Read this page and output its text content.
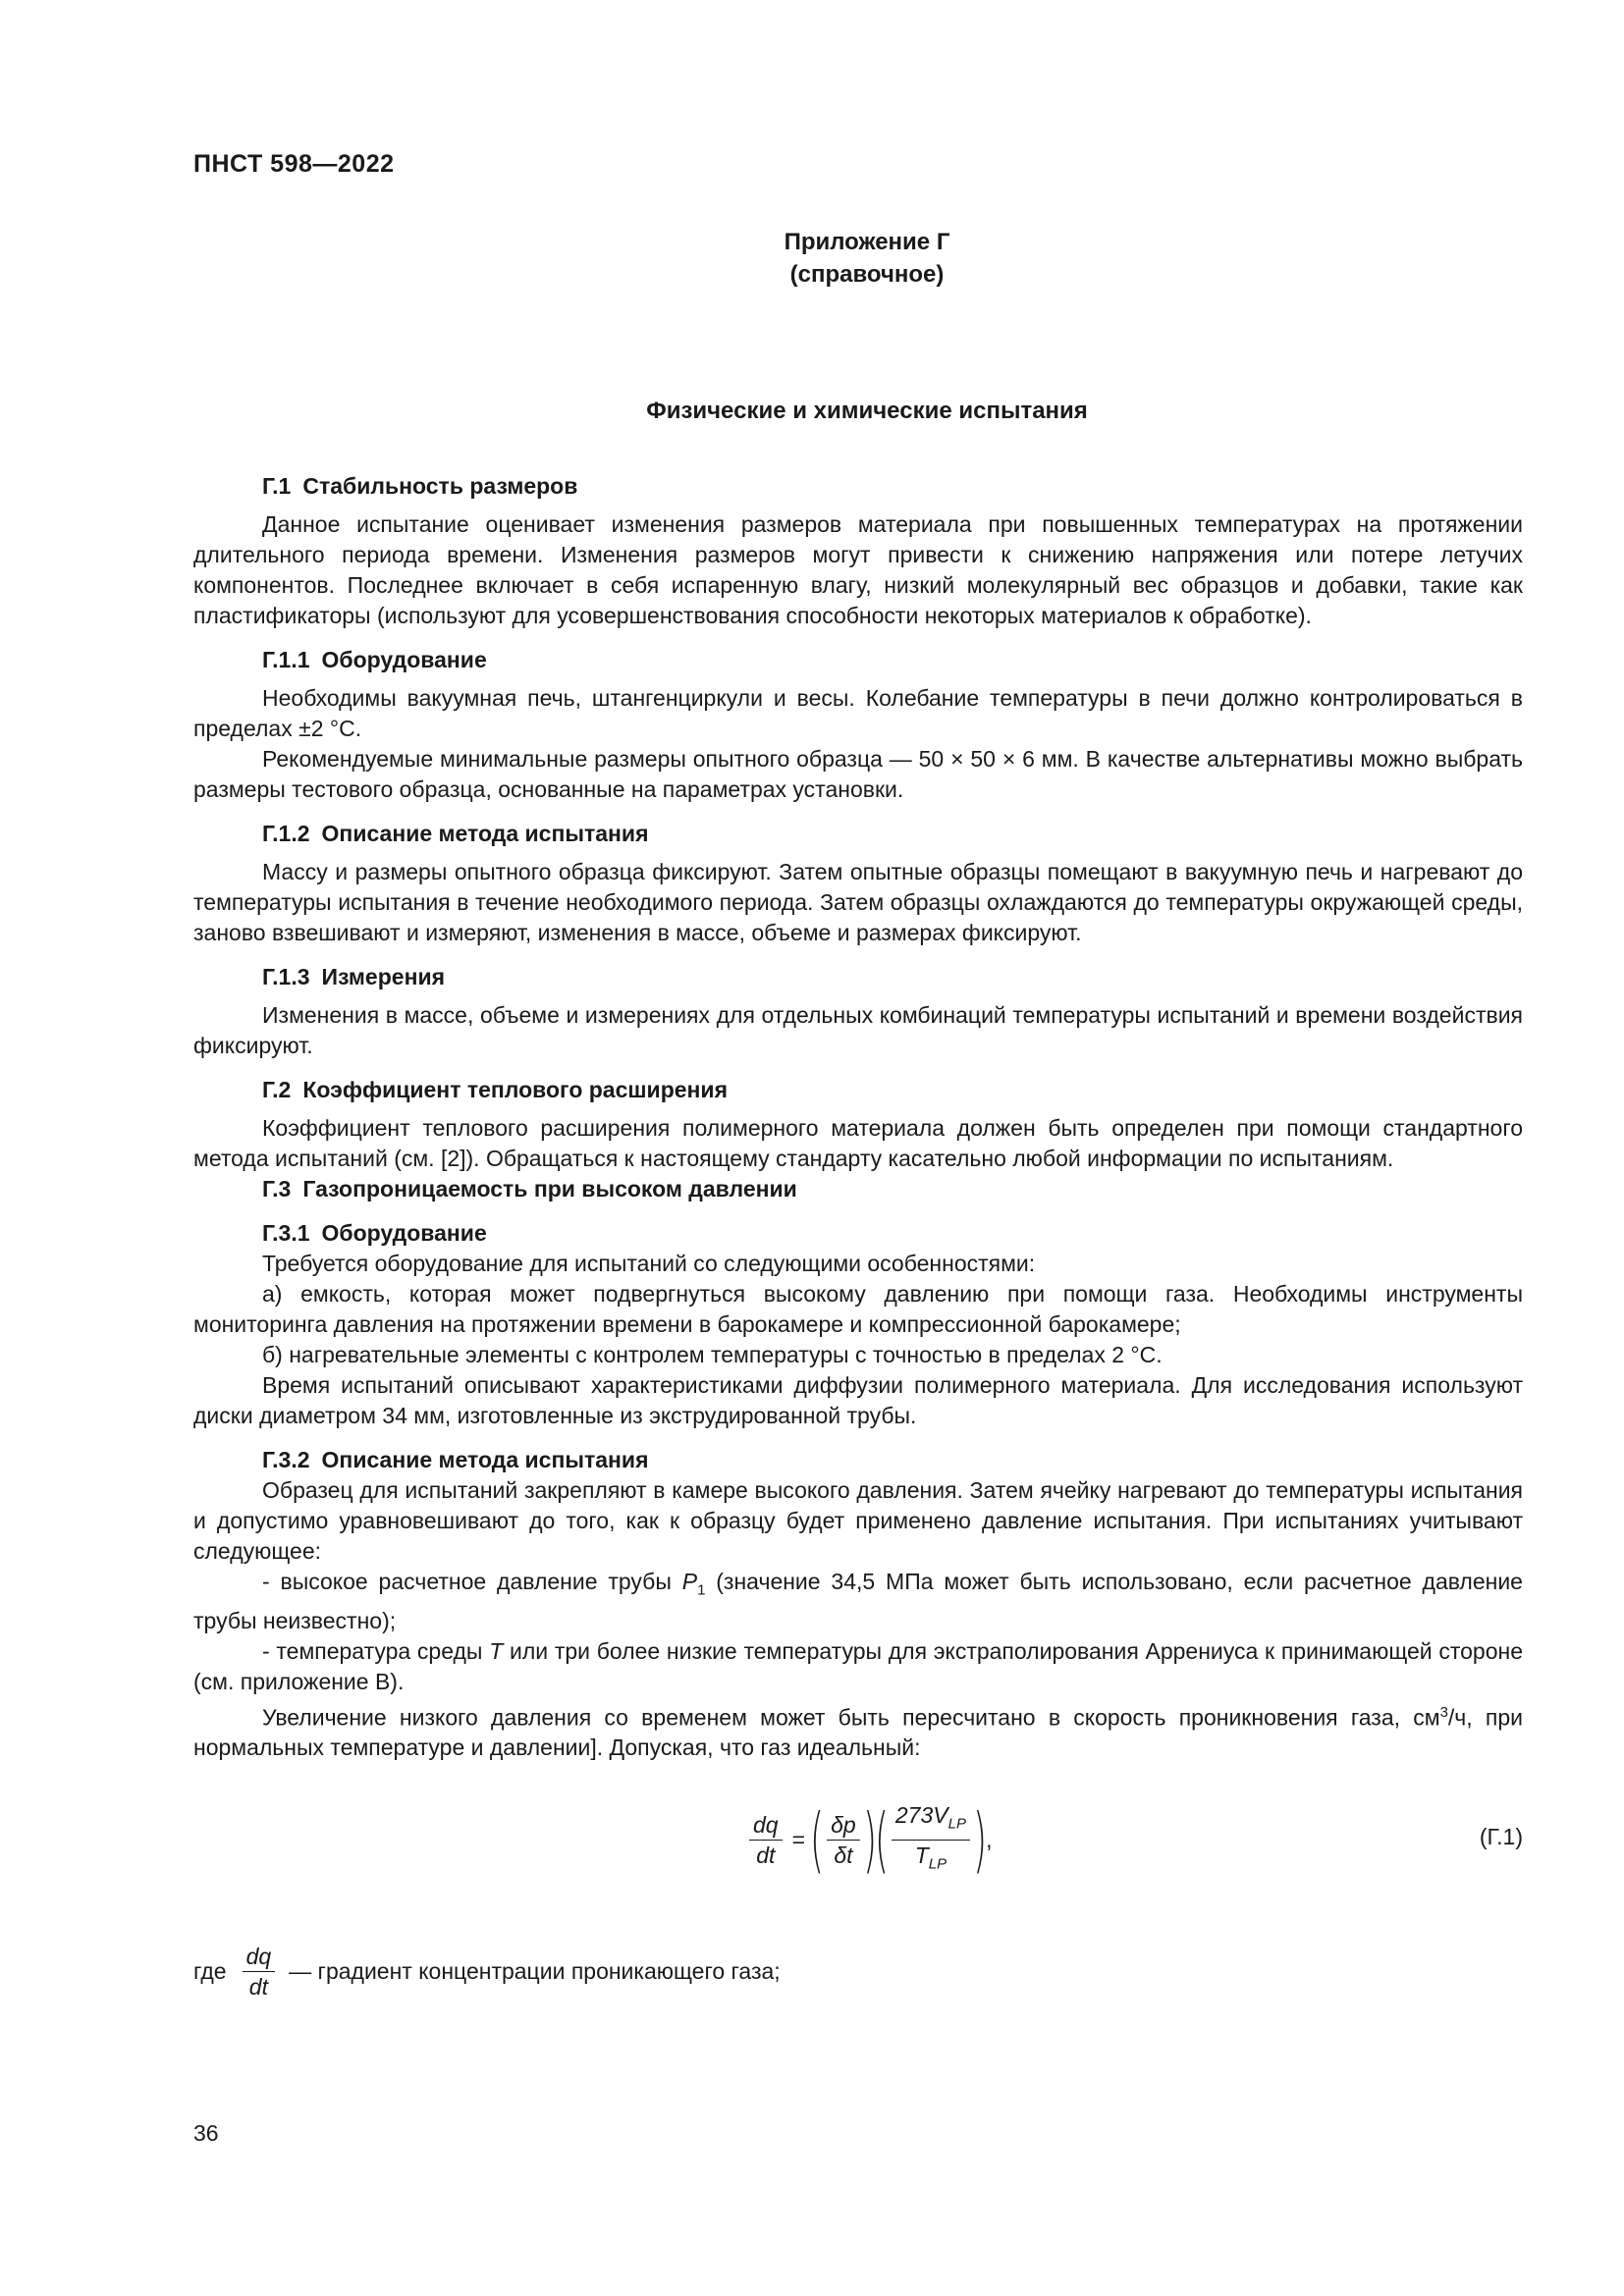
ПНСТ 598—2022
Приложение Г
(справочное)
Физические и химические испытания
Г.1 Стабильность размеров

Данное испытание оценивает изменения размеров материала при повышенных температурах на протяжении длительного периода времени. Изменения размеров могут привести к снижению напряжения или потере летучих компонентов. Последнее включает в себя испаренную влагу, низкий молекулярный вес образцов и добавки, такие как пластификаторы (используют для усовершенствования способности некоторых материалов к обработке).

Г.1.1 Оборудование

Необходимы вакуумная печь, штангенциркули и весы. Колебание температуры в печи должно контролироваться в пределах ±2 °С.

Рекомендуемые минимальные размеры опытного образца — 50 × 50 × 6 мм. В качестве альтернативы можно выбрать размеры тестового образца, основанные на параметрах установки.

Г.1.2 Описание метода испытания

Массу и размеры опытного образца фиксируют. Затем опытные образцы помещают в вакуумную печь и нагревают до температуры испытания в течение необходимого периода. Затем образцы охлаждаются до температуры окружающей среды, заново взвешивают и измеряют, изменения в массе, объеме и размерах фиксируют.

Г.1.3 Измерения

Изменения в массе, объеме и измерениях для отдельных комбинаций температуры испытаний и времени воздействия фиксируют.

Г.2 Коэффициент теплового расширения

Коэффициент теплового расширения полимерного материала должен быть определен при помощи стандартного метода испытаний (см. [2]). Обращаться к настоящему стандарту касательно любой информации по испытаниям.

Г.3 Газопроницаемость при высоком давлении
Г.3.1 Оборудование

Требуется оборудование для испытаний со следующими особенностями:

а) емкость, которая может подвергнуться высокому давлению при помощи газа. Необходимы инструменты мониторинга давления на протяжении времени в барокамере и компрессионной барокамере;

б) нагревательные элементы с контролем температуры с точностью в пределах 2 °С.

Время испытаний описывают характеристиками диффузии полимерного материала. Для исследования используют диски диаметром 34 мм, изготовленные из экструдированной трубы.

Г.3.2 Описание метода испытания

Образец для испытаний закрепляют в камере высокого давления. Затем ячейку нагревают до температуры испытания и допустимо уравновешивают до того, как к образцу будет применено давление испытания. При испытаниях учитывают следующее:

- высокое расчетное давление трубы $P_1$ (значение 34,5 МПа может быть использовано, если расчетное давление трубы неизвестно);

- температура среды T или три более низкие температуры для экстраполирования Аррениуса к принимающей стороне (см. приложение В).

Увеличение низкого давления со временем может быть пересчитано в скорость проникновения газа, $см^3/ч$, при нормальных температуре и давлении]. Допуская, что газ идеальный:

$\frac{dq}{dt}$ = ( $\frac{\delta p}{\delta t}$ )
( $\frac{273V_{LP}}{T_{LP}}$ ) ,	(Г.1)
где $\frac{dq}{dt}$ — градиент концентрации проникающего газа;
36
